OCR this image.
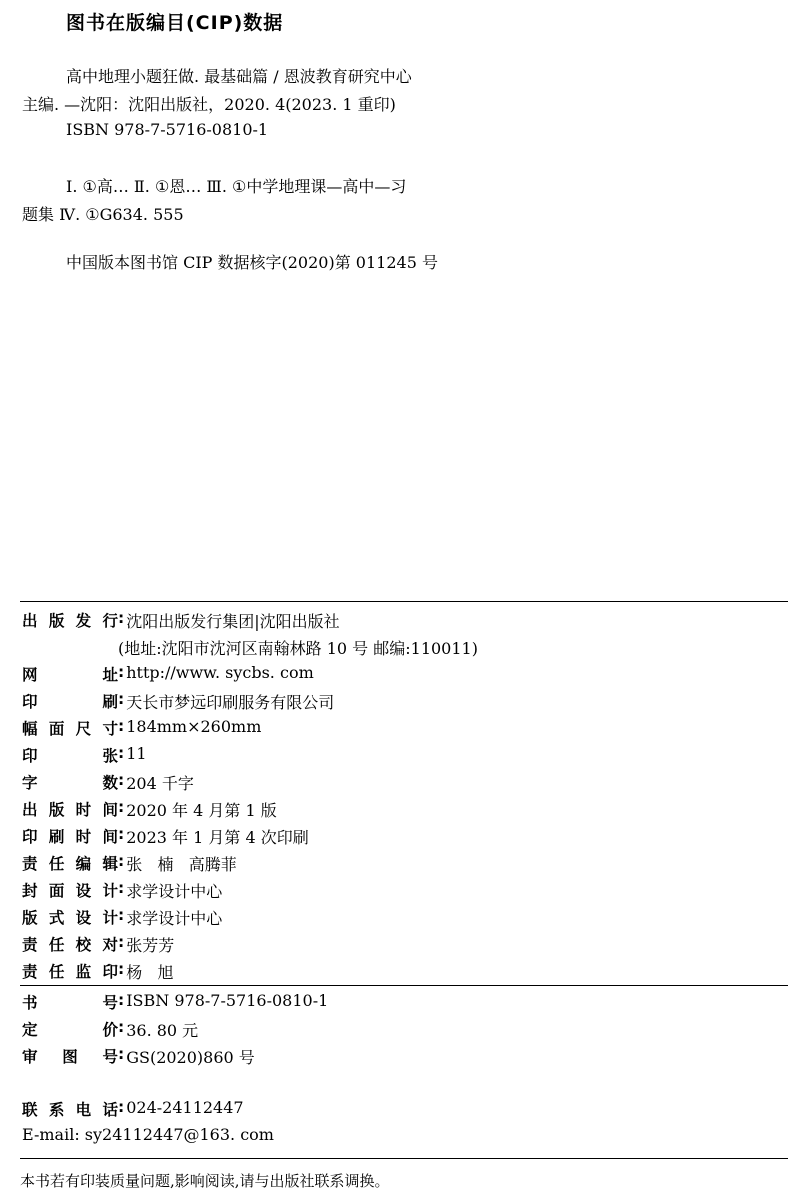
图书在版编目(CIP)数据
高中地理小题狂做. 最基础篇 / 恩波教育研究中心
主编. —沈阳：沈阳出版社，2020. 4(2023. 1 重印)
ISBN 978-7-5716-0810-1
Ⅰ. ①高… Ⅱ. ①恩… Ⅲ. ①中学地理课—高中—习
题集 Ⅳ. ①G634. 555
中国版本图书馆 CIP 数据核字(2020)第 011245 号
出版发行 : 沈阳出版发行集团|沈阳出版社
(地址:沈阳市沈河区南翰林路 10 号 邮编:110011)
网址 : http://www. sycbs. com
印刷 : 天长市梦远印刷服务有限公司
幅面尺寸 : 184mm×260mm
印张 : 11
字数 : 204 千字
出版时间 : 2020 年 4 月第 1 版
印刷时间 : 2023 年 1 月第 4 次印刷
责任编辑 : 张   楠   高腾菲
封面设计 : 求学设计中心
版式设计 : 求学设计中心
责任校对 : 张芳芳
责任监印 : 杨   旭
书号 : ISBN 978-7-5716-0810-1
定价 : 36. 80 元
审图号 : GS(2020)860 号
联系电话 : 024-24112447
E-mail: sy24112447@163. com
本书若有印装质量问题,影响阅读,请与出版社联系调换。
